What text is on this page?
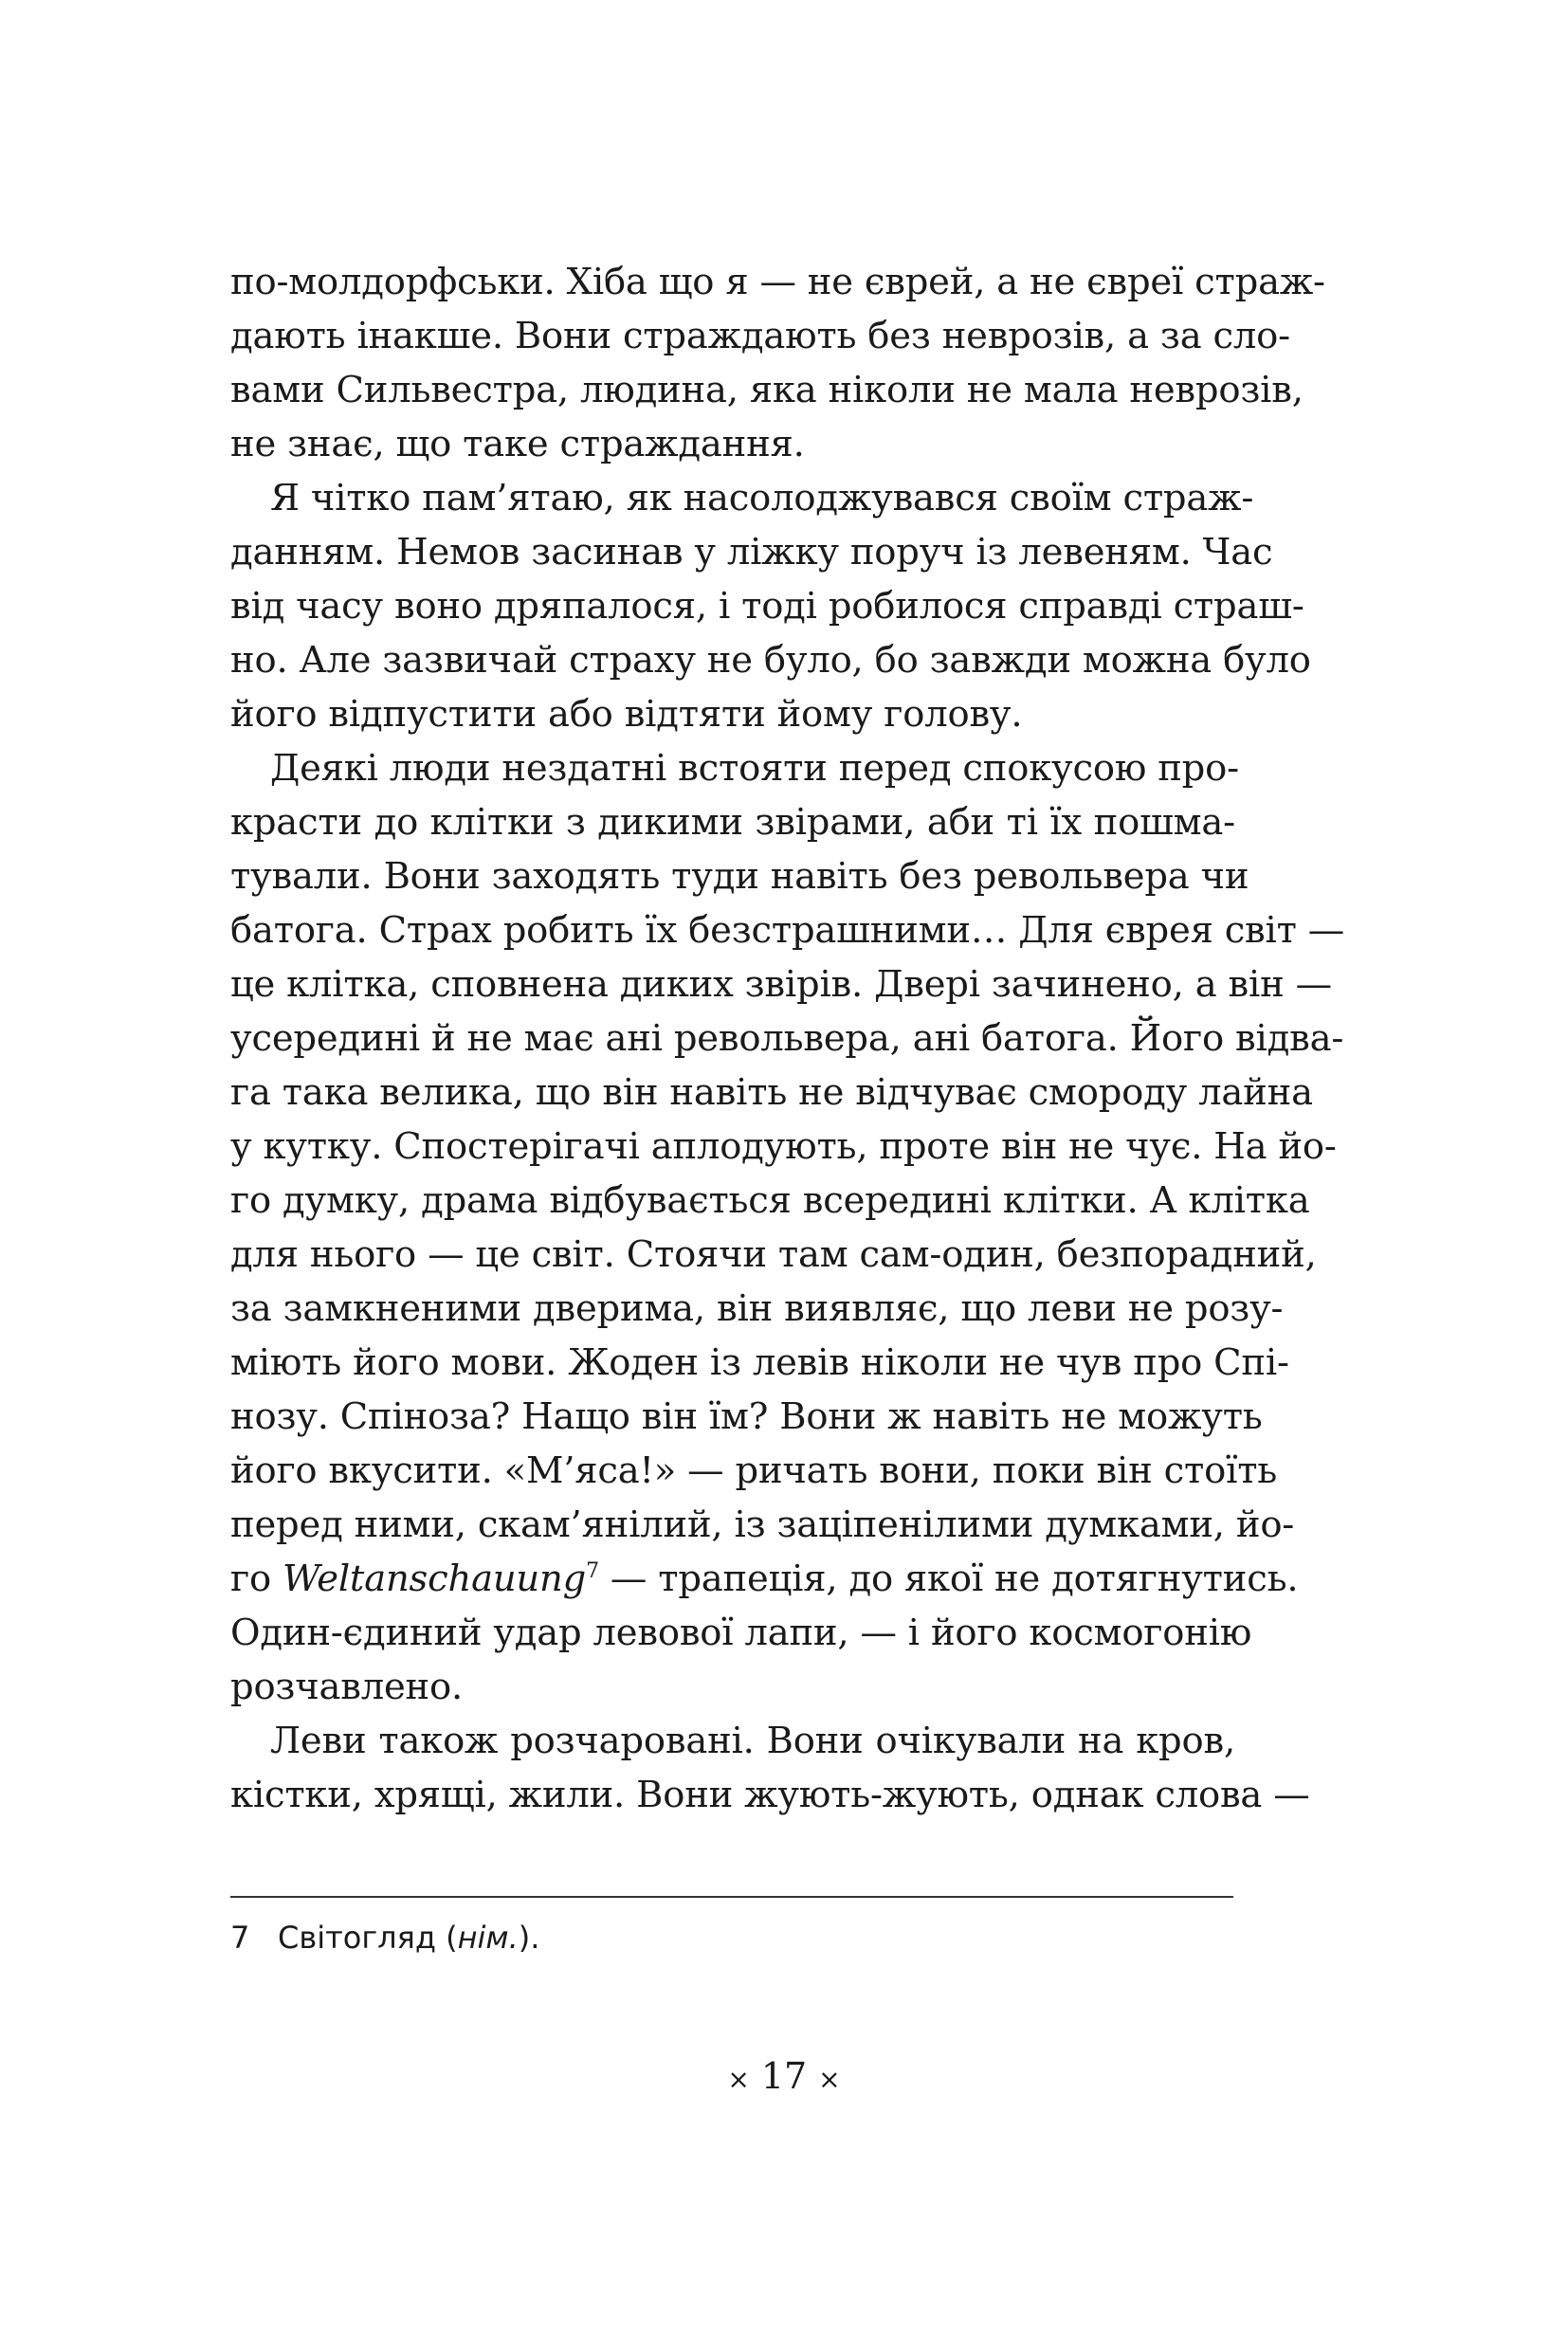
по-молдорфськи. Хіба що я — не єврей, а не євреї страж-
дають інакше. Вони страждають без неврозів, а за сло-
вами Сильвестра, людина, яка ніколи не мала неврозів,
не знає, що таке страждання.
Я чітко пам’ятаю, як насолоджувався своїм страж-
данням. Немов засинав у ліжку поруч із левеням. Час
від часу воно дряпалося, і тоді робилося справді страш-
но. Але зазвичай страху не було, бо завжди можна було
його відпустити або відтяти йому голову.
Деякі люди нездатні встояти перед спокусою про-
красти до клітки з дикими звірами, аби ті їх пошма-
тували. Вони заходять туди навіть без револьвера чи
батога. Страх робить їх безстрашними… Для єврея світ —
це клітка, сповнена диких звірів. Двері зачинено, а він —
усередині й не має ані револьвера, ані батога. Його відва-
га така велика, що він навіть не відчуває смороду лайна
у кутку. Спостерігачі аплодують, проте він не чує. На йо-
го думку, драма відбувається всередині клітки. А клітка
для нього — це світ. Стоячи там сам-один, безпорадний,
за замкненими дверима, він виявляє, що леви не розу-
міють його мови. Жоден із левів ніколи не чув про Спі-
нозу. Спіноза? Нащо він їм? Вони ж навіть не можуть
його вкусити. «М’яса!» — ричать вони, поки він стоїть
перед ними, скам’янілий, із заціпенілими думками, йо-
го Weltanschauung$^7$ — трапеція, до якої не дотягнутись.
Один-єдиний удар левової лапи, — і його космогонію
розчавлено.
Леви також розчаровані. Вони очікували на кров,
кістки, хрящі, жили. Вони жують-жують, однак слова —
7 Світогляд (нім.).
× 17 ×
